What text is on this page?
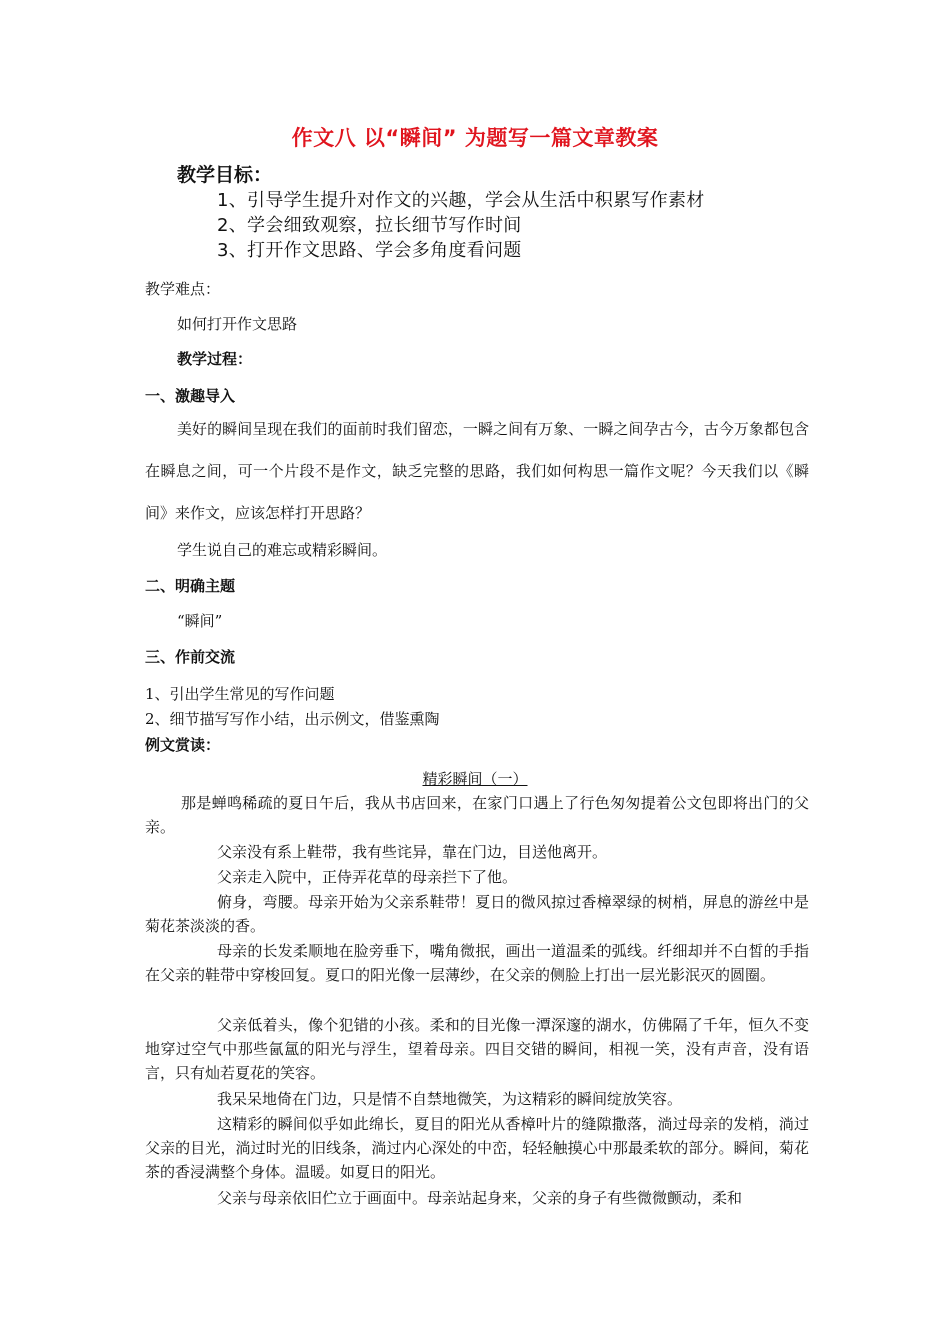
作文八 以“瞬间” 为题写一篇文章教案
教学目标：
1、引导学生提升对作文的兴趣，学会从生活中积累写作素材
2、学会细致观察，拉长细节写作时间
3、打开作文思路、学会多角度看问题
教学难点：
如何打开作文思路
教学过程：
一、激趣导入
美好的瞬间呈现在我们的面前时我们留恋，一瞬之间有万象、一瞬之间孕古今，古今万象都包含在瞬息之间，可一个片段不是作文，缺乏完整的思路，我们如何构思一篇作文呢？今天我们以《瞬间》来作文，应该怎样打开思路？
学生说自己的难忘或精彩瞬间。
二、明确主题
“瞬间”
三、作前交流
1、引出学生常见的写作问题
2、细节描写写作小结，出示例文，借鉴熏陶
例文赏读：
精彩瞬间（一）
那是蝉鸣稀疏的夏日午后，我从书店回来，在家门口遇上了行色匆匆提着公文包即将出门的父亲。
父亲没有系上鞋带，我有些诧异，靠在门边，目送他离开。
父亲走入院中，正侍弄花草的母亲拦下了他。
俯身，弯腰。母亲开始为父亲系鞋带！夏日的微风掠过香樟翠绿的树梢，屏息的游丝中是菊花茶淡淡的香。
母亲的长发柔顺地在脸旁垂下，嘴角微抿，画出一道温柔的弧线。纤细却并不白皙的手指在父亲的鞋带中穿梭回复。夏口的阳光像一层薄纱，在父亲的侧脸上打出一层光影泯灭的圆圈。
父亲低着头，像个犯错的小孩。柔和的目光像一潭深邃的湖水，仿佛隔了千年，恒久不变地穿过空气中那些氤氲的阳光与浮生，望着母亲。四目交错的瞬间，相视一笑，没有声音，没有语言，只有灿若夏花的笑容。
我呆呆地倚在门边，只是情不自禁地微笑，为这精彩的瞬间绽放笑容。
这精彩的瞬间似乎如此绵长，夏目的阳光从香樟叶片的缝隙撒落，淌过母亲的发梢，淌过父亲的目光，淌过时光的旧线条，淌过内心深处的中峦，轻轻触摸心中那最柔软的部分。瞬间，菊花茶的香浸满整个身体。温暖。如夏日的阳光。
父亲与母亲依旧伫立于画面中。母亲站起身来，父亲的身子有些微微颤动，柔和
